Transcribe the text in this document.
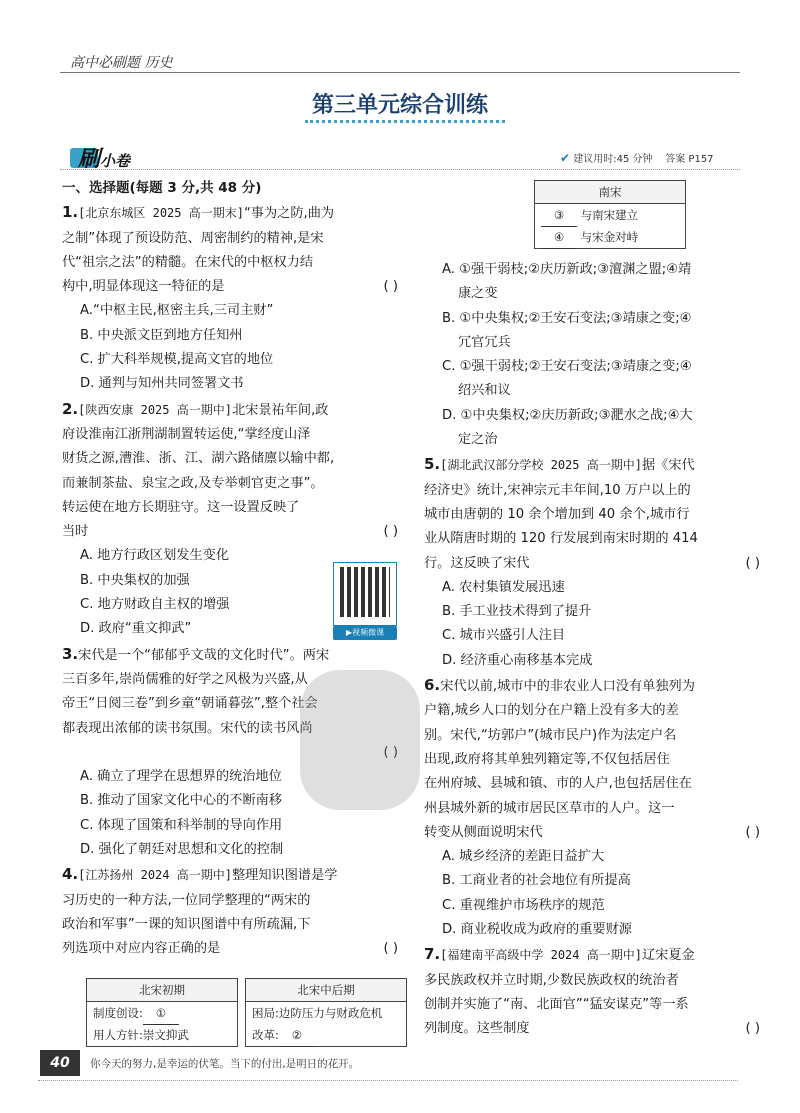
高中必刷题 历史
第三单元综合训练
刷小卷	✔ 建议用时:45 分钟 答案 P157

一、选择题(每题 3 分,共 48 分)

1.[北京东城区 2025 高一期末]“事为之防,曲为

之制”体现了预设防范、周密制约的精神,是宋

代“祖宗之法”的精髓。在宋代的中枢权力结

构中,明显体现这一特征的是	( )

A.“中枢主民,枢密主兵,三司主财”

B. 中央派文臣到地方任知州

C. 扩大科举规模,提高文官的地位

D. 通判与知州共同签署文书

2.[陕西安康 2025 高一期中]北宋景祐年间,政

府设淮南江浙荆湖制置转运使,“掌经度山泽

财货之源,漕淮、浙、江、湖六路储廪以输中都,

而兼制茶盐、泉宝之政,及专举刺官吏之事”。

转运使在地方长期驻守。这一设置反映了

当时	( )

A. 地方行政区划发生变化

B. 中央集权的加强

C. 地方财政自主权的增强

D. 政府“重文抑武”

3.宋代是一个“郁郁乎文哉的文化时代”。两宋

三百多年,崇尚儒雅的好学之风极为兴盛,从

帝王“日阅三卷”到乡童“朝诵暮弦”,整个社会

都表现出浓郁的读书氛围。宋代的读书风尚

( )

A. 确立了理学在思想界的统治地位

B. 推动了国家文化中心的不断南移

C. 体现了国策和科举制的导向作用

D. 强化了朝廷对思想和文化的控制

4.[江苏扬州 2024 高一期中]整理知识图谱是学

习历史的一种方法,一位同学整理的“两宋的

政治和军事”一课的知识图谱中有所疏漏,下

列选项中对应内容正确的是	( )

北宋初期
制度创设: ①
用人方针:崇文抑武
北宋中后期
困局:边防压力与财政危机
改革: ②
▶视频微课
南宋
③ 与南宋建立
④ 与宋金对峙

A. ①强干弱枝;②庆历新政;③澶渊之盟;④靖

康之变

B. ①中央集权;②王安石变法;③靖康之变;④

冗官冗兵

C. ①强干弱枝;②王安石变法;③靖康之变;④

绍兴和议

D. ①中央集权;②庆历新政;③淝水之战;④大

定之治

5.[湖北武汉部分学校 2025 高一期中]据《宋代

经济史》统计,宋神宗元丰年间,10 万户以上的

城市由唐朝的 10 余个增加到 40 余个,城市行

业从隋唐时期的 120 行发展到南宋时期的 414

行。这反映了宋代	( )

A. 农村集镇发展迅速

B. 手工业技术得到了提升

C. 城市兴盛引人注目

D. 经济重心南移基本完成

6.宋代以前,城市中的非农业人口没有单独列为

户籍,城乡人口的划分在户籍上没有多大的差

别。宋代,“坊郭户”(城市民户)作为法定户名

出现,政府将其单独列籍定等,不仅包括居住

在州府城、县城和镇、市的人户,也包括居住在

州县城外新的城市居民区草市的人户。这一

转变从侧面说明宋代	( )

A. 城乡经济的差距日益扩大

B. 工商业者的社会地位有所提高

C. 重视维护市场秩序的规范

D. 商业税收成为政府的重要财源

7.[福建南平高级中学 2024 高一期中]辽宋夏金

多民族政权并立时期,少数民族政权的统治者

创制并实施了“南、北面官”“猛安谋克”等一系

列制度。这些制度	( )

40	你今天的努力,是幸运的伏笔。当下的付出,是明日的花开。
